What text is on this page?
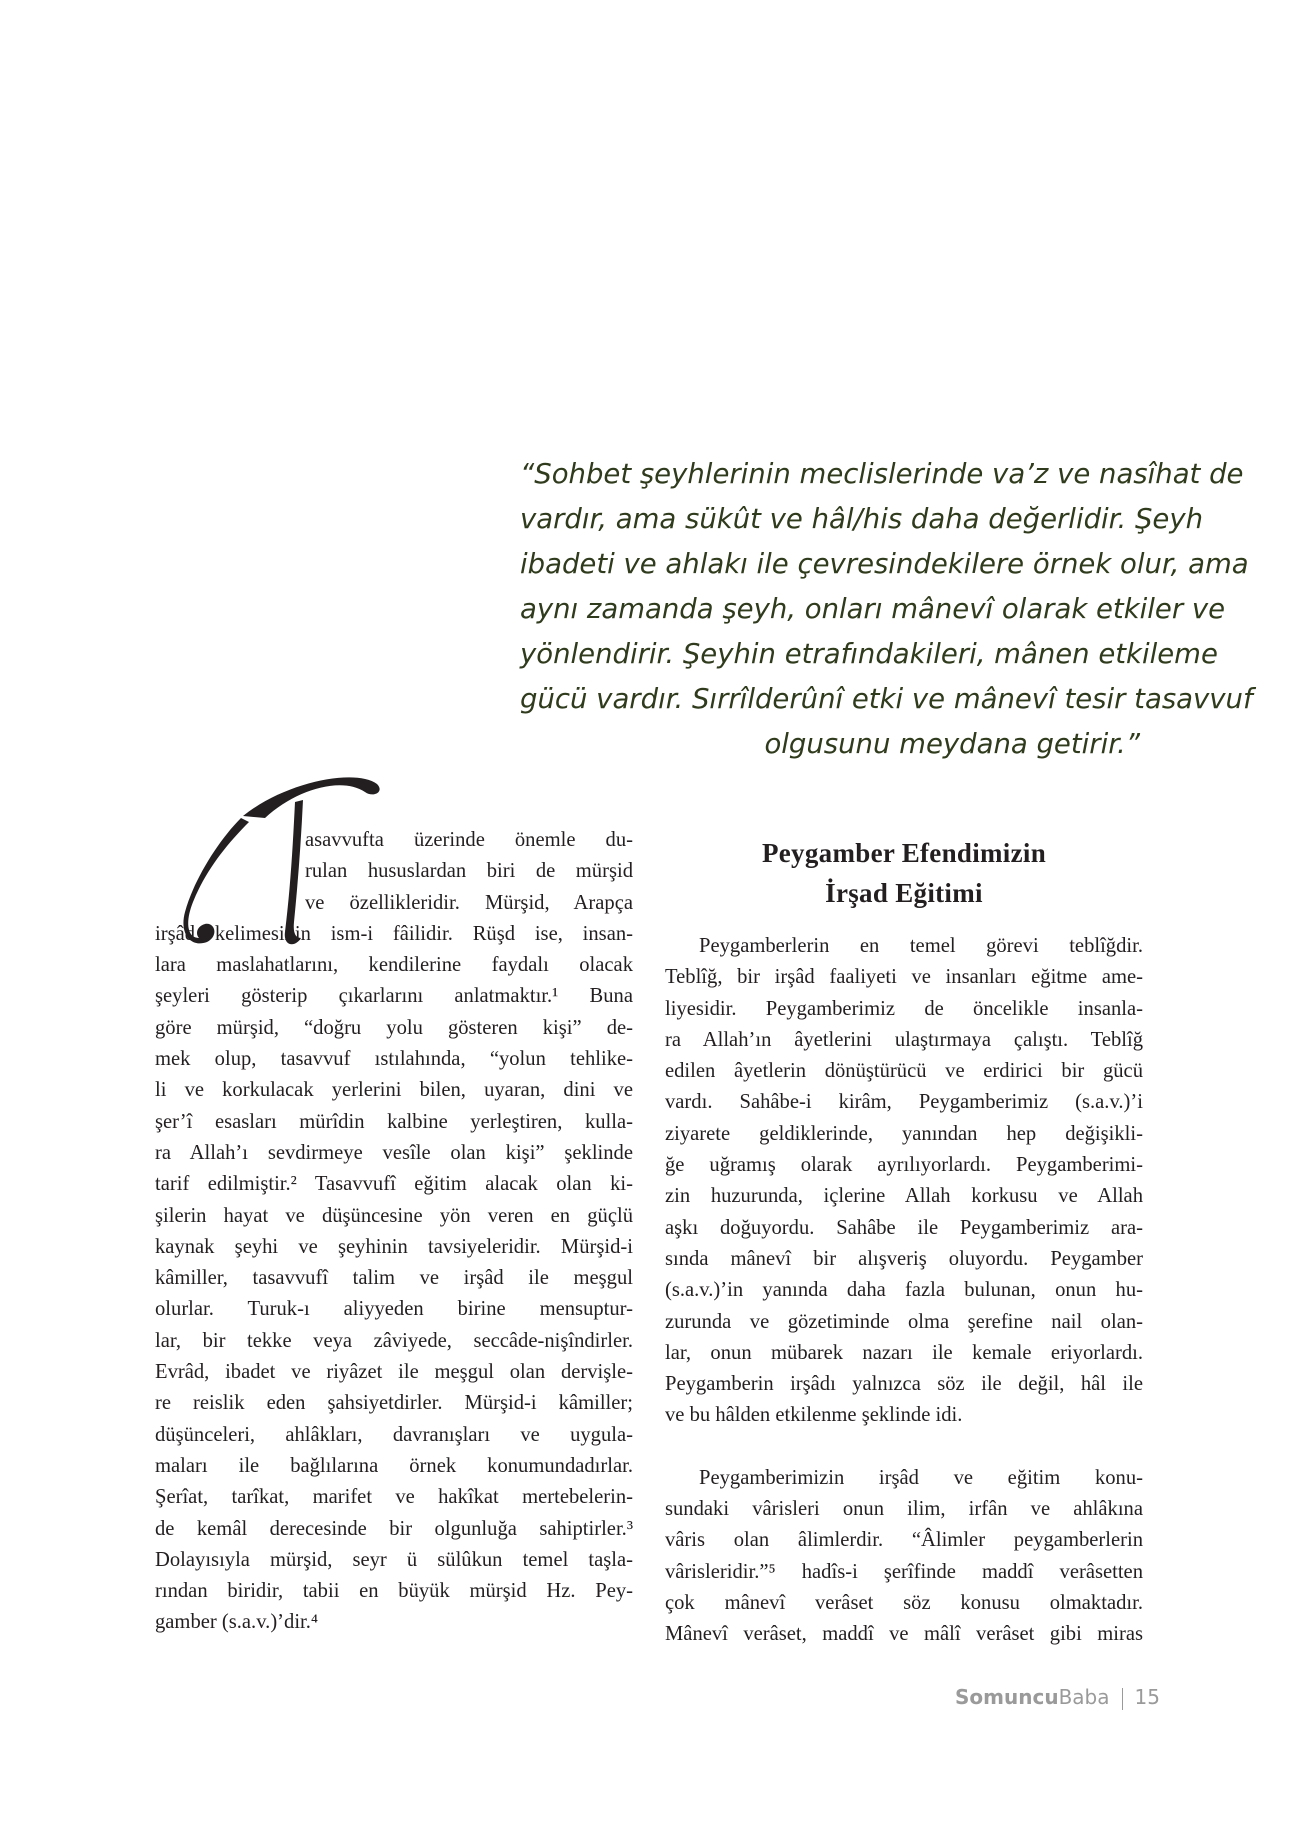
“Sohbet şeyhlerinin meclislerinde va’z ve nasîhat de
vardır, ama sükût ve hâl/his daha değerlidir. Şeyh
ibadeti ve ahlakı ile çevresindekilere örnek olur, ama
aynı zamanda şeyh, onları mânevî olarak etkiler ve
yönlendirir. Şeyhin etrafındakileri, mânen etkileme
gücü vardır. Sırrîlderûnî etki ve mânevî tesir tasavvuf
olgusunu meydana getirir.”
asavvufta üzerinde önemle du-
rulan hususlardan biri de mürşid
ve özellikleridir. Mürşid, Arapça
irşâd kelimesinin ism-i fâilidir. Rüşd ise, insan-
lara maslahatlarını, kendilerine faydalı olacak
şeyleri gösterip çıkarlarını anlatmaktır.¹ Buna
göre mürşid, “doğru yolu gösteren kişi” de-
mek olup, tasavvuf ıstılahında, “yolun tehlike-
li ve korkulacak yerlerini bilen, uyaran, dini ve
şer’î esasları mürîdin kalbine yerleştiren, kulla-
ra Allah’ı sevdirmeye vesîle olan kişi” şeklinde
tarif edilmiştir.² Tasavvufî eğitim alacak olan ki-
şilerin hayat ve düşüncesine yön veren en güçlü
kaynak şeyhi ve şeyhinin tavsiyeleridir. Mürşid-i
kâmiller, tasavvufî talim ve irşâd ile meşgul
olurlar. Turuk-ı aliyyeden birine mensuptur-
lar, bir tekke veya zâviyede, seccâde-nişîndirler.
Evrâd, ibadet ve riyâzet ile meşgul olan dervişle-
re reislik eden şahsiyetdirler. Mürşid-i kâmiller;
düşünceleri, ahlâkları, davranışları ve uygula-
maları ile bağlılarına örnek konumundadırlar.
Şerîat, tarîkat, marifet ve hakîkat mertebelerin-
de kemâl derecesinde bir olgunluğa sahiptirler.³
Dolayısıyla mürşid, seyr ü sülûkun temel taşla-
rından biridir, tabii en büyük mürşid Hz. Pey-
gamber (s.a.v.)’dir.⁴
Peygamber Efendimizin
İrşad Eğitimi
Peygamberlerin en temel görevi teblîğdir.
Teblîğ, bir irşâd faaliyeti ve insanları eğitme ame-
liyesidir. Peygamberimiz de öncelikle insanla-
ra Allah’ın âyetlerini ulaştırmaya çalıştı. Teblîğ
edilen âyetlerin dönüştürücü ve erdirici bir gücü
vardı. Sahâbe-i kirâm, Peygamberimiz (s.a.v.)’i
ziyarete geldiklerinde, yanından hep değişikli-
ğe uğramış olarak ayrılıyorlardı. Peygamberimi-
zin huzurunda, içlerine Allah korkusu ve Allah
aşkı doğuyordu. Sahâbe ile Peygamberimiz ara-
sında mânevî bir alışveriş oluyordu. Peygamber
(s.a.v.)’in yanında daha fazla bulunan, onun hu-
zurunda ve gözetiminde olma şerefine nail olan-
lar, onun mübarek nazarı ile kemale eriyorlardı.
Peygamberin irşâdı yalnızca söz ile değil, hâl ile
ve bu hâlden etkilenme şeklinde idi.
Peygamberimizin irşâd ve eğitim konu-
sundaki vârisleri onun ilim, irfân ve ahlâkına
vâris olan âlimlerdir. “Âlimler peygamberlerin
vârisleridir.”⁵ hadîs-i şerîfinde maddî verâsetten
çok mânevî verâset söz konusu olmaktadır.
Mânevî verâset, maddî ve mâlî verâset gibi miras
SomuncuBaba 15
